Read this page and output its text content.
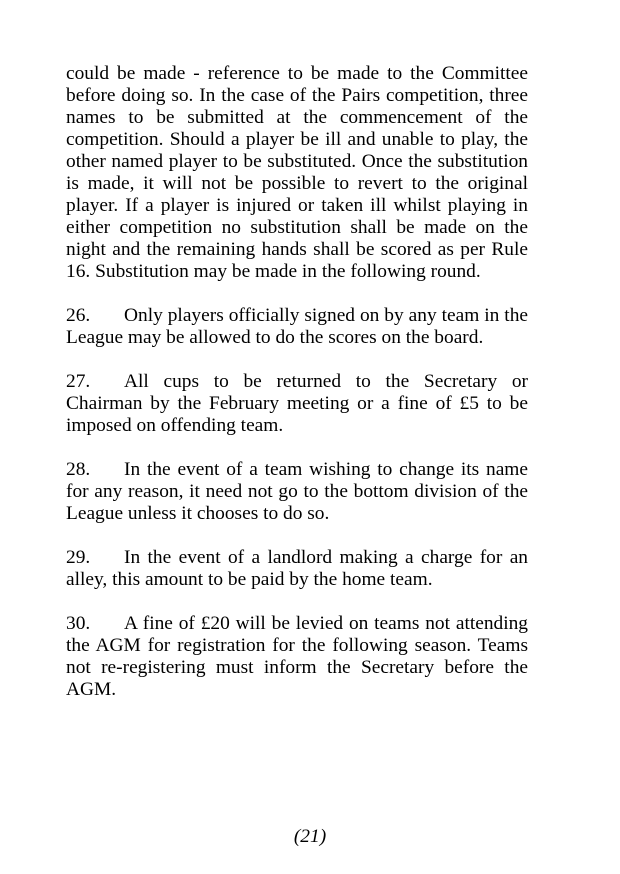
could be made - reference to be made to the Committee before doing so. In the case of the Pairs competition, three names to be submitted at the commencement of the competition. Should a player be ill and unable to play, the other named player to be substituted. Once the substitution is made, it will not be possible to revert to the original player. If a player is injured or taken ill whilst playing in either competition no substitution shall be made on the night and the remaining hands shall be scored as per Rule 16. Substitution may be made in the following round.

26. Only players officially signed on by any team in the League may be allowed to do the scores on the board.

27. All cups to be returned to the Secretary or Chairman by the February meeting or a fine of £5 to be imposed on offending team.

28. In the event of a team wishing to change its name for any reason, it need not go to the bottom division of the League unless it chooses to do so.

29. In the event of a landlord making a charge for an alley, this amount to be paid by the home team.

30. A fine of £20 will be levied on teams not attending the AGM for registration for the following season. Teams not re-registering must inform the Secretary before the AGM.

(21)
